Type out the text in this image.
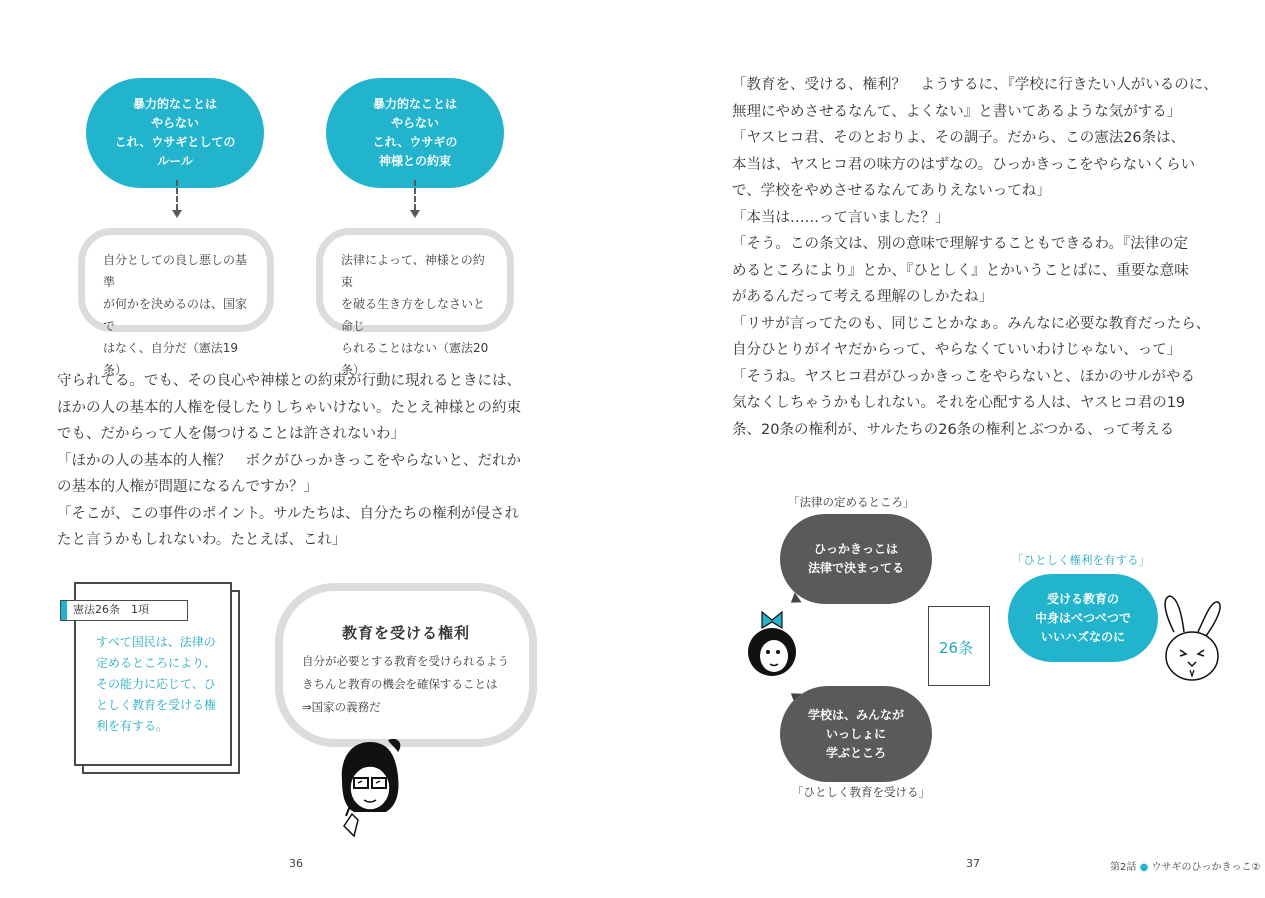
暴力的なことは
やらない
これ、ウサギとしての
ルール
暴力的なことは
やらない
これ、ウサギの
神様との約束
自分としての良し悪しの基準
が何かを決めるのは、国家で
はなく、自分だ（憲法19条）
法律によって、神様との約束
を破る生き方をしなさいと命じ
られることはない（憲法20条）
守られてる。でも、その良心や神様との約束が行動に現れるときには、
ほかの人の基本的人権を侵したりしちゃいけない。たとえ神様との約束
でも、だからって人を傷つけることは許されないわ」
「ほかの人の基本的人権？　ボクがひっかきっこをやらないと、だれか
の基本的人権が問題になるんですか？」
「そこが、この事件のポイント。サルたちは、自分たちの権利が侵され
たと言うかもしれないわ。たとえば、これ」
憲法26条　1項
すべて国民は、法律の
定めるところにより、
その能力に応じて、ひ
としく教育を受ける権
利を有する。
教育を受ける権利
自分が必要とする教育を受けられるよう
きちんと教育の機会を確保することは
⇒国家の義務だ
36
「教育を、受ける、権利？　ようするに、『学校に行きたい人がいるのに、
無理にやめさせるなんて、よくない』と書いてあるような気がする」
「ヤスヒコ君、そのとおりよ、その調子。だから、この憲法26条は、
本当は、ヤスヒコ君の味方のはずなの。ひっかきっこをやらないくらい
で、学校をやめさせるなんてありえないってね」
「本当は……って言いました？」
「そう。この条文は、別の意味で理解することもできるわ。『法律の定
めるところにより』とか、『ひとしく』とかいうことばに、重要な意味
があるんだって考える理解のしかたね」
「リサが言ってたのも、同じことかなぁ。みんなに必要な教育だったら、
自分ひとりがイヤだからって、やらなくていいわけじゃない、って」
「そうね。ヤスヒコ君がひっかきっこをやらないと、ほかのサルがやる
気なくしちゃうかもしれない。それを心配する人は、ヤスヒコ君の19
条、20条の権利が、サルたちの26条の権利とぶつかる、って考える
「法律の定めるところ」
ひっかきっこは
法律で決まってる
26条
「ひとしく権利を有する」
受ける教育の
中身はべつべつで
いいハズなのに
学校は、みんなが
いっしょに
学ぶところ
「ひとしく教育を受ける」
37	第2話 ● ウサギのひっかきっこ②
